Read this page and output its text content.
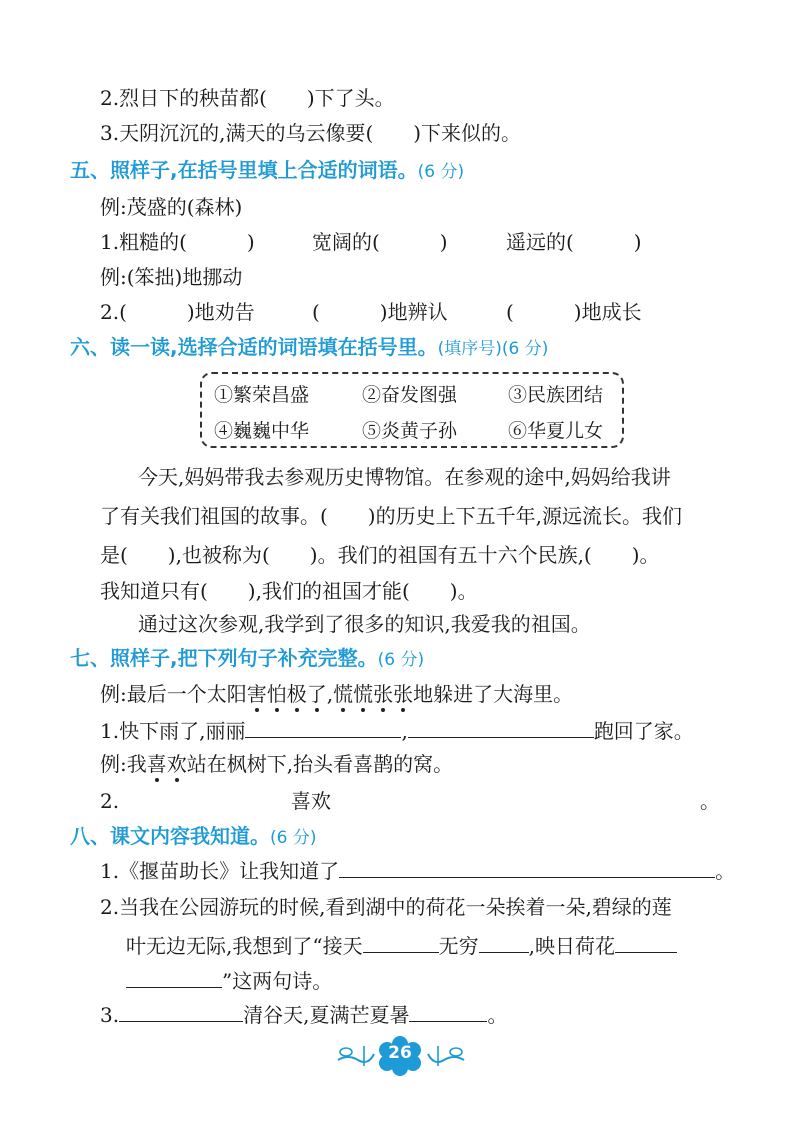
2.烈日下的秧苗都(　　)下了头。
3.天阴沉沉的,满天的乌云像要(　　)下来似的。
五、照样子,在括号里填上合适的词语。(6 分)
例:茂盛的(森林)
1.粗糙的(　　　)	宽阔的(　　　)	遥远的(　　　)
例:(笨拙)地挪动
2.(　　　)地劝告	(　　　)地辨认	(　　　)地成长
六、读一读,选择合适的词语填在括号里。(填序号)(6 分)
①繁荣昌盛	②奋发图强	③民族团结
④巍巍中华	⑤炎黄子孙	⑥华夏儿女
今天,妈妈带我去参观历史博物馆。在参观的途中,妈妈给我讲
了有关我们祖国的故事。(　　)的历史上下五千年,源远流长。我们
是(　　),也被称为(　　)。我们的祖国有五十六个民族,(　　)。
我知道只有(　　),我们的祖国才能(　　)。
通过这次参观,我学到了很多的知识,我爱我的祖国。
七、照样子,把下列句子补充完整。(6 分)
例:最后一个太阳害怕极了,慌慌张张地躲进了大海里。
1.快下雨了,丽丽	,	跑回了家。
例:我喜欢站在枫树下,抬头看喜鹊的窝。
2.	喜欢	。
八、课文内容我知道。(6 分)
1.《揠苗助长》让我知道了	。
2.当我在公园游玩的时候,看到湖中的荷花一朵挨着一朵,碧绿的莲
叶无边无际,我想到了“接天	无穷	,映日荷花
”这两句诗。
3.	清谷天,夏满芒夏暑	。
26
